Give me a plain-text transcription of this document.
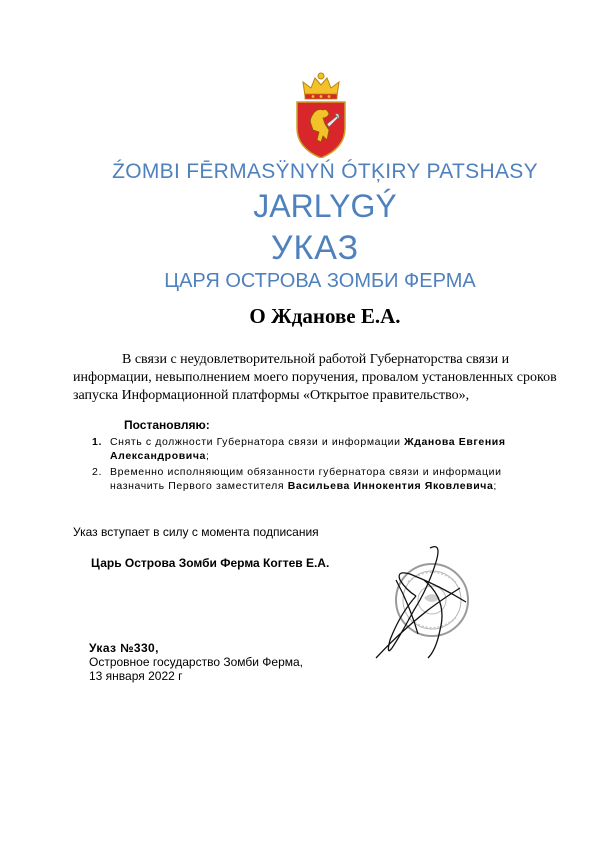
ŹOMBI FĒRMASŸNYŃ ÓTĶIRY PATSHASY
JARLYGÝ
УКАЗ
ЦАРЯ ОСТРОВА ЗОМБИ ФЕРМА
О Жданове Е.А.
В связи с неудовлетворительной работой Губернаторства связи и
информации, невыполнением моего поручения, провалом установленных сроков
запуска Информационной платформы «Открытое правительство»,
Постановляю:
1. Снять с должности Губернатора связи и информации Жданова Евгения Александровича;
2. Временно исполняющим обязанности губернатора связи и информации назначить Первого заместителя Васильева Иннокентия Яковлевича;
Указ вступает в силу с момента подписания
Царь Острова Зомби Ферма Когтев Е.А.
Указ №330,
Островное государство Зомби Ферма,
13 января 2022 г
